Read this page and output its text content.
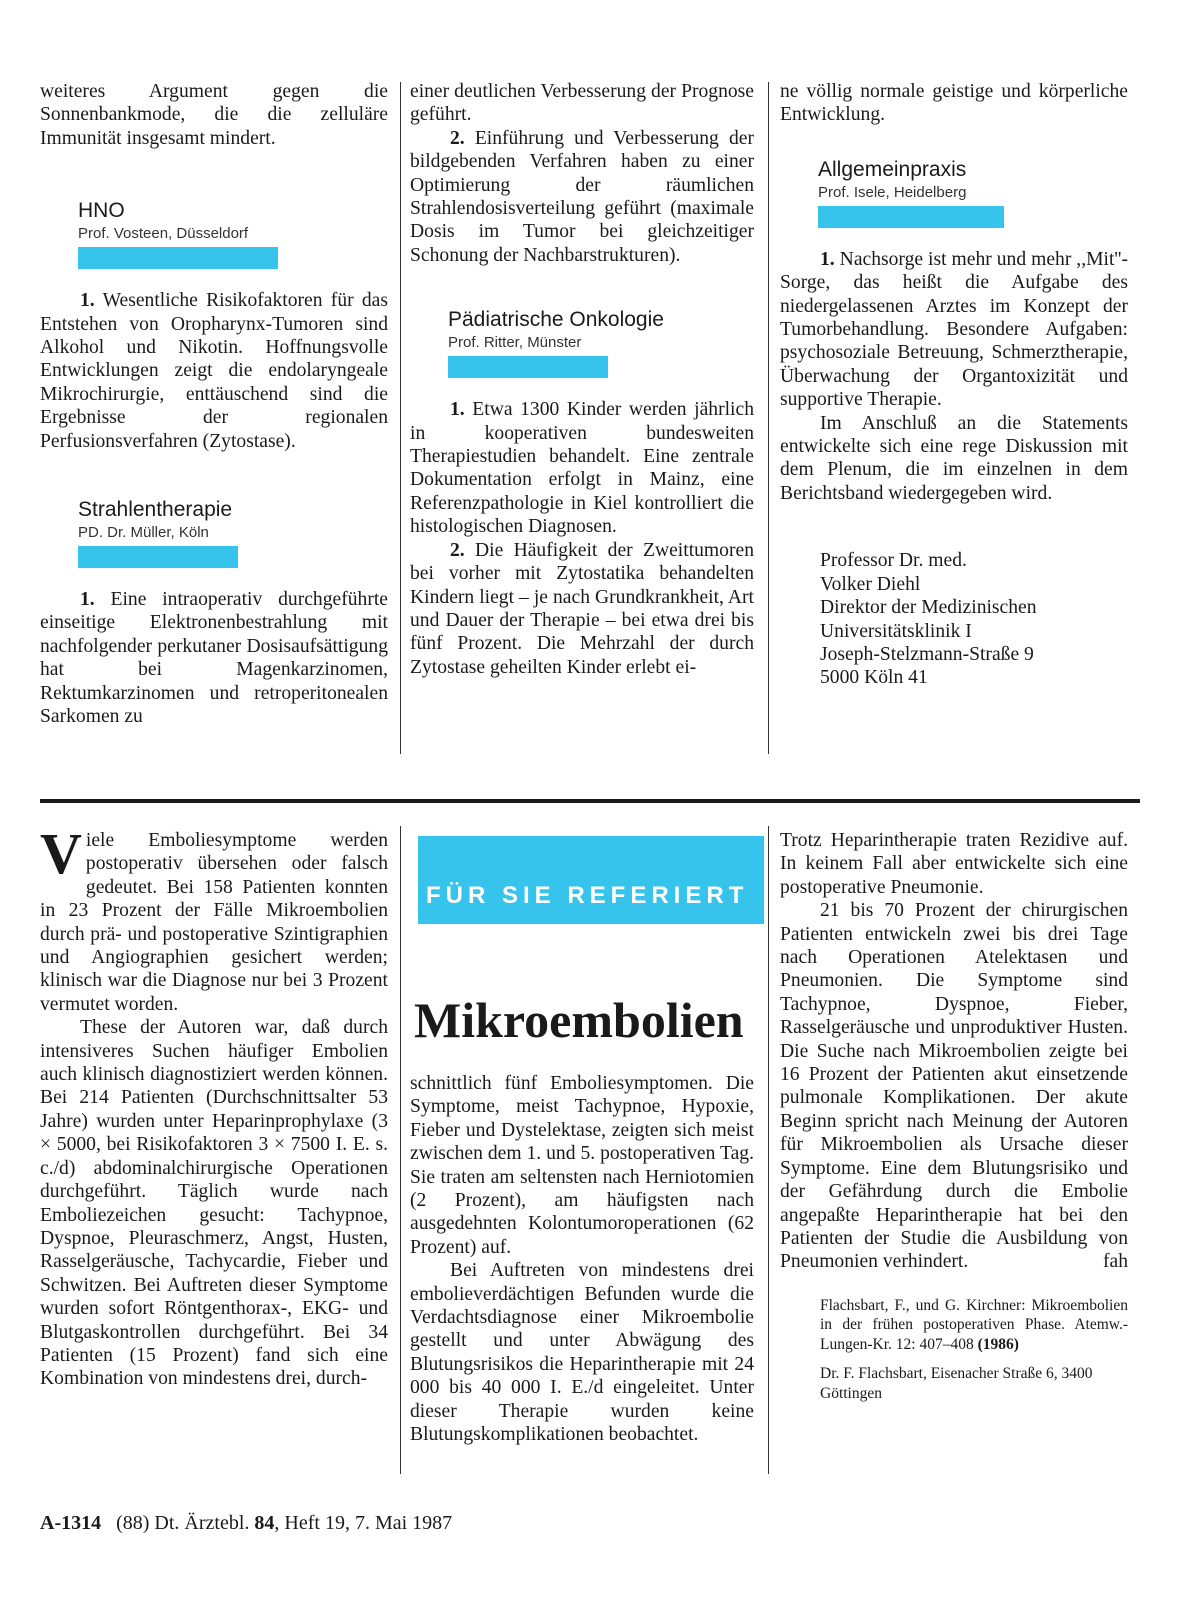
weiteres Argument gegen die Sonnenbankmode, die die zelluläre Immunität insgesamt mindert.

HNO

Prof. Vosteen, Düsseldorf

1. Wesentliche Risikofaktoren für das Entstehen von Oropharynx-Tumoren sind Alkohol und Nikotin. Hoffnungsvolle Entwicklungen zeigt die endolaryngeale Mikrochirurgie, enttäuschend sind die Ergebnisse der regionalen Perfusionsverfahren (Zytostase).

Strahlentherapie

PD. Dr. Müller, Köln

1. Eine intraoperativ durchgeführte einseitige Elektronenbestrahlung mit nachfolgender perkutaner Dosisaufsättigung hat bei Magenkarzinomen, Rektumkarzinomen und retroperitonealen Sarkomen zu

einer deutlichen Verbesserung der Prognose geführt.

2. Einführung und Verbesserung der bildgebenden Verfahren haben zu einer Optimierung der räumlichen Strahlendosisverteilung geführt (maximale Dosis im Tumor bei gleichzeitiger Schonung der Nachbarstrukturen).

Pädiatrische Onkologie

Prof. Ritter, Münster

1. Etwa 1300 Kinder werden jährlich in kooperativen bundesweiten Therapiestudien behandelt. Eine zentrale Dokumentation erfolgt in Mainz, eine Referenzpathologie in Kiel kontrolliert die histologischen Diagnosen.

2. Die Häufigkeit der Zweittumoren bei vorher mit Zytostatika behandelten Kindern liegt – je nach Grundkrankheit, Art und Dauer der Therapie – bei etwa drei bis fünf Prozent. Die Mehrzahl der durch Zytostase geheilten Kinder erlebt ei-

ne völlig normale geistige und körperliche Entwicklung.

Allgemeinpraxis

Prof. Isele, Heidelberg

1. Nachsorge ist mehr und mehr ,,Mit''-Sorge, das heißt die Aufgabe des niedergelassenen Arztes im Konzept der Tumorbehandlung. Besondere Aufgaben: psychosoziale Betreuung, Schmerztherapie, Überwachung der Organtoxizität und supportive Therapie.

Im Anschluß an die Statements entwickelte sich eine rege Diskussion mit dem Plenum, die im einzelnen in dem Berichtsband wiedergegeben wird.

Professor Dr. med.

Volker Diehl

Direktor der Medizinischen

Universitätsklinik I

Joseph-Stelzmann-Straße 9

5000 Köln 41

Viele Emboliesymptome werden postoperativ übersehen oder falsch gedeutet. Bei 158 Patienten konnten in 23 Prozent der Fälle Mikroembolien durch prä- und postoperative Szintigraphien und Angiographien gesichert werden; klinisch war die Diagnose nur bei 3 Prozent vermutet worden.

These der Autoren war, daß durch intensiveres Suchen häufiger Embolien auch klinisch diagnostiziert werden können. Bei 214 Patienten (Durchschnittsalter 53 Jahre) wurden unter Heparinprophylaxe (3 × 5000, bei Risikofaktoren 3 × 7500 I. E. s. c./d) abdominalchirurgische Operationen durchgeführt. Täglich wurde nach Emboliezeichen gesucht: Tachypnoe, Dyspnoe, Pleuraschmerz, Angst, Husten, Rasselgeräusche, Tachycardie, Fieber und Schwitzen. Bei Auftreten dieser Symptome wurden sofort Röntgenthorax-, EKG- und Blutgaskontrollen durchgeführt. Bei 34 Patienten (15 Prozent) fand sich eine Kombination von mindestens drei, durch-

FÜR SIE REFERIERT
Mikroembolien

schnittlich fünf Emboliesymptomen. Die Symptome, meist Tachypnoe, Hypoxie, Fieber und Dystelektase, zeigten sich meist zwischen dem 1. und 5. postoperativen Tag. Sie traten am seltensten nach Herniotomien (2 Prozent), am häufigsten nach ausgedehnten Kolontumoroperationen (62 Prozent) auf.

Bei Auftreten von mindestens drei embolieverdächtigen Befunden wurde die Verdachtsdiagnose einer Mikroembolie gestellt und unter Abwägung des Blutungsrisikos die Heparintherapie mit 24 000 bis 40 000 I. E./d eingeleitet. Unter dieser Therapie wurden keine Blutungskomplikationen beobachtet.

Trotz Heparintherapie traten Rezidive auf. In keinem Fall aber entwickelte sich eine postoperative Pneumonie.

21 bis 70 Prozent der chirurgischen Patienten entwickeln zwei bis drei Tage nach Operationen Atelektasen und Pneumonien. Die Symptome sind Tachypnoe, Dyspnoe, Fieber, Rasselgeräusche und unproduktiver Husten. Die Suche nach Mikroembolien zeigte bei 16 Prozent der Patienten akut einsetzende pulmonale Komplikationen. Der akute Beginn spricht nach Meinung der Autoren für Mikroembolien als Ursache dieser Symptome. Eine dem Blutungsrisiko und der Gefährdung durch die Embolie angepaßte Heparintherapie hat bei den Patienten der Studie die Ausbildung von Pneumonien verhindert.	fah

Flachsbart, F., und G. Kirchner: Mikroembolien in der frühen postoperativen Phase. Atemw.- Lungen-Kr. 12: 407–408 (1986)

Dr. F. Flachsbart, Eisenacher Straße 6, 3400 Göttingen

A-1314 (88) Dt. Ärztebl. 84, Heft 19, 7. Mai 1987
